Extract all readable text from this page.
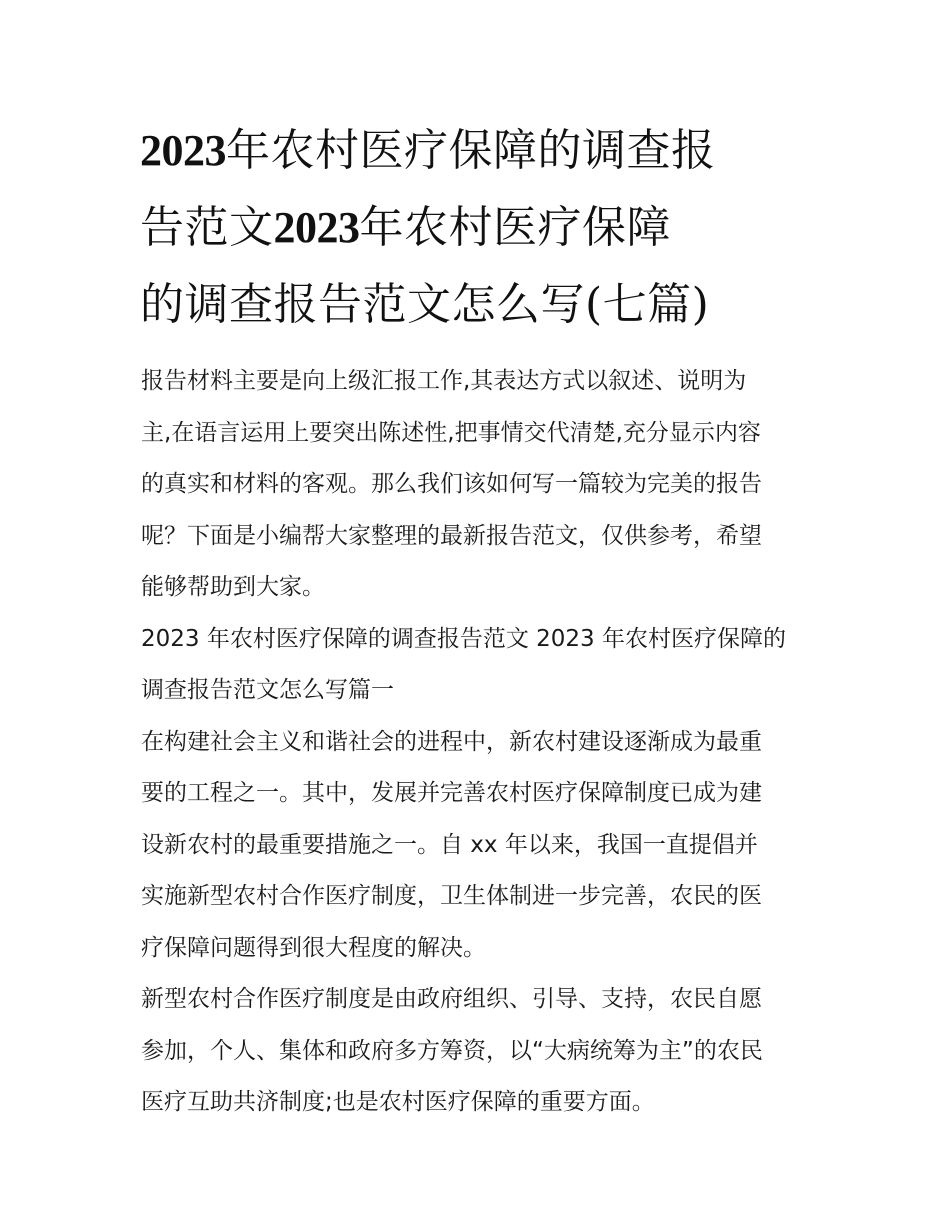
2023年农村医疗保障的调查报
告范文2023年农村医疗保障
的调查报告范文怎么写(七篇)
报告材料主要是向上级汇报工作,其表达方式以叙述、说明为
主,在语言运用上要突出陈述性,把事情交代清楚,充分显示内容
的真实和材料的客观。那么我们该如何写一篇较为完美的报告
呢？下面是小编帮大家整理的最新报告范文，仅供参考，希望
能够帮助到大家。
2023 年农村医疗保障的调查报告范文 2023 年农村医疗保障的
调查报告范文怎么写篇一
在构建社会主义和谐社会的进程中，新农村建设逐渐成为最重
要的工程之一。其中，发展并完善农村医疗保障制度已成为建
设新农村的最重要措施之一。自 xx 年以来，我国一直提倡并
实施新型农村合作医疗制度，卫生体制进一步完善，农民的医
疗保障问题得到很大程度的解决。
新型农村合作医疗制度是由政府组织、引导、支持，农民自愿
参加，个人、集体和政府多方筹资，以“大病统筹为主”的农民
医疗互助共济制度;也是农村医疗保障的重要方面。
